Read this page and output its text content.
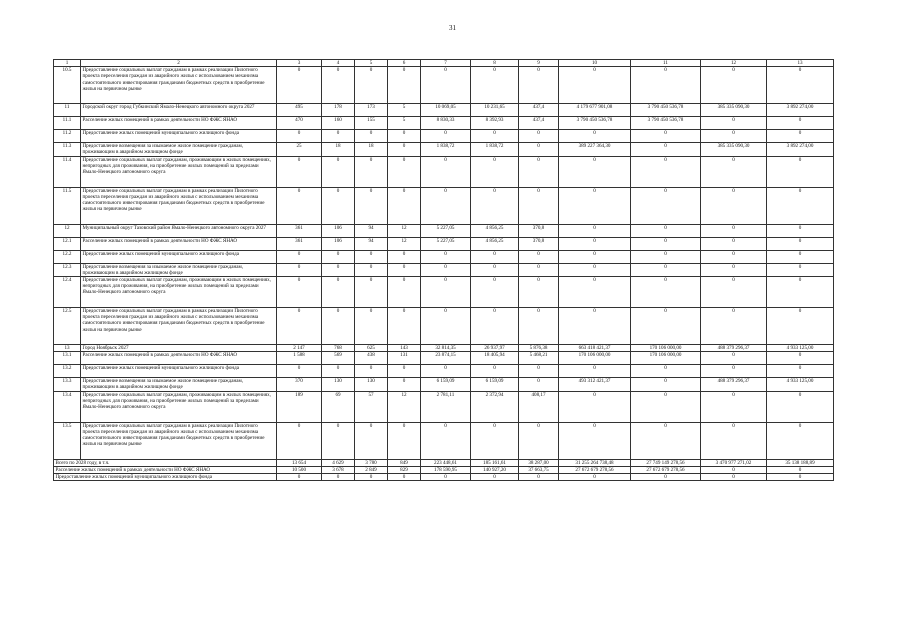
31
1	2	3	4	5	6	7	8	9	10	11	12	13
10.5	Предоставление социальных выплат гражданам в рамках реализации Пилотного проекта переселения граждан из аварийного жилья с использованием механизма самостоятельного инвестирования гражданами бюджетных средств в приобретение жилья на первичном рынке	0	0	0	0	0	0	0	0	0	0	0
11	Городской округ город Губкинский Ямало-Ненецкого автономного округа 2027	495	178	173	5	10 069,05	10 231,65	437,4	4 179 677 901,08	3 790 450 536,78	385 335 090,30	3 892 274,00
11.1	Расселение жилых помещений в рамках деятельности НО ФЖС ЯНАО	470	160	155	5	8 830,33	8 392,93	437,4	3 790 450 536,78	3 790 450 536,78	0	0
11.2	Предоставление жилых помещений муниципального жилищного фонда	0	0	0	0	0	0	0	0	0	0	0
11.3	Предоставление возмещения за изымаемое жилое помещение гражданам, проживающим в аварийном жилищном фонде	25	18	18	0	1 838,72	1 838,72	0	389 227 364,30	0	385 335 090,30	3 892 274,00
11.4	Предоставление социальных выплат гражданам, проживающим в жилых помещениях, непригодных для проживания, на приобретение жилых помещений за пределами Ямало-Ненецкого автономного округа	0	0	0	0	0	0	0	0	0	0	0
11.5	Предоставление социальных выплат гражданам в рамках реализации Пилотного проекта переселения граждан из аварийного жилья с использованием механизма самостоятельного инвестирования гражданами бюджетных средств в приобретение жилья на первичном рынке	0	0	0	0	0	0	0	0	0	0	0
12	Муниципальный округ Тазовский район Ямало-Ненецкого автономного округа 2027	361	106	94	12	5 227,05	4 856,25	370,8	0	0	0	0
12.1	Расселение жилых помещений в рамках деятельности НО ФЖС ЯНАО	361	106	94	12	5 227,05	4 856,25	370,8	0	0	0	0
12.2	Предоставление жилых помещений муниципального жилищного фонда	0	0	0	0	0	0	0	0	0	0	0
12.3	Предоставление возмещения за изымаемое жилое помещение гражданам, проживающим в аварийном жилищном фонде	0	0	0	0	0	0	0	0	0	0	0
12.4	Предоставление социальных выплат гражданам, проживающим в жилых помещениях, непригодных для проживания, на приобретение жилых помещений за пределами Ямало-Ненецкого автономного округа	0	0	0	0	0	0	0	0	0	0	0
12.5	Предоставление социальных выплат гражданам в рамках реализации Пилотного проекта переселения граждан из аварийного жилья с использованием механизма самостоятельного инвестирования гражданами бюджетных средств в приобретение жилья на первичном рынке	0	0	0	0	0	0	0	0	0	0	0
13	Город Ноябрьск 2027	2 147	768	625	143	32 814,35	26 937,97	5 876,38	663 418 421,37	170 106 000,00	488 379 296,37	4 933 125,00
13.1	Расселение жилых помещений в рамках деятельности НО ФЖС ЯНАО	1 588	569	438	131	23 874,15	18 405,94	5 468,21	170 106 000,00	170 106 000,00	0	0
13.2	Предоставление жилых помещений муниципального жилищного фонда	0	0	0	0	0	0	0	0	0	0	0
13.3	Предоставление возмещения за изымаемое жилое помещение гражданам, проживающим в аварийном жилищном фонде	370	130	130	0	6 159,09	6 159,09	0	493 312 421,37	0	488 379 296,37	4 933 125,00
13.4	Предоставление социальных выплат гражданам, проживающим в жилых помещениях, непригодных для проживания, на приобретение жилых помещений за пределами Ямало-Ненецкого автономного округа	189	69	57	12	2 781,11	2 372,94	408,17	0	0	0	0
13.5	Предоставление социальных выплат гражданам в рамках реализации Пилотного проекта переселения граждан из аварийного жилья с использованием механизма самостоятельного инвестирования гражданами бюджетных средств в приобретение жилья на первичном рынке	0	0	0	0	0	0	0	0	0	0	0
Всего по 2028 году, в т.ч.		13 654	4 629	3 780	849	223 448,61	185 161,61	38 287,00	31 255 264 738,48	27 749 149 278,56	3 470 977 271,02	35 138 188,89
Расселение жилых помещений в рамках деятельности НО ФЖС ЯНАО		10 500	3 678	2 849	829	178 590,95	140 927,20	37 663,75	27 672 679 278,56	27 672 679 278,56	0	0
Предоставление жилых помещений муниципального жилищного фонда		0	0	0	0	0	0	0	0	0	0	0
